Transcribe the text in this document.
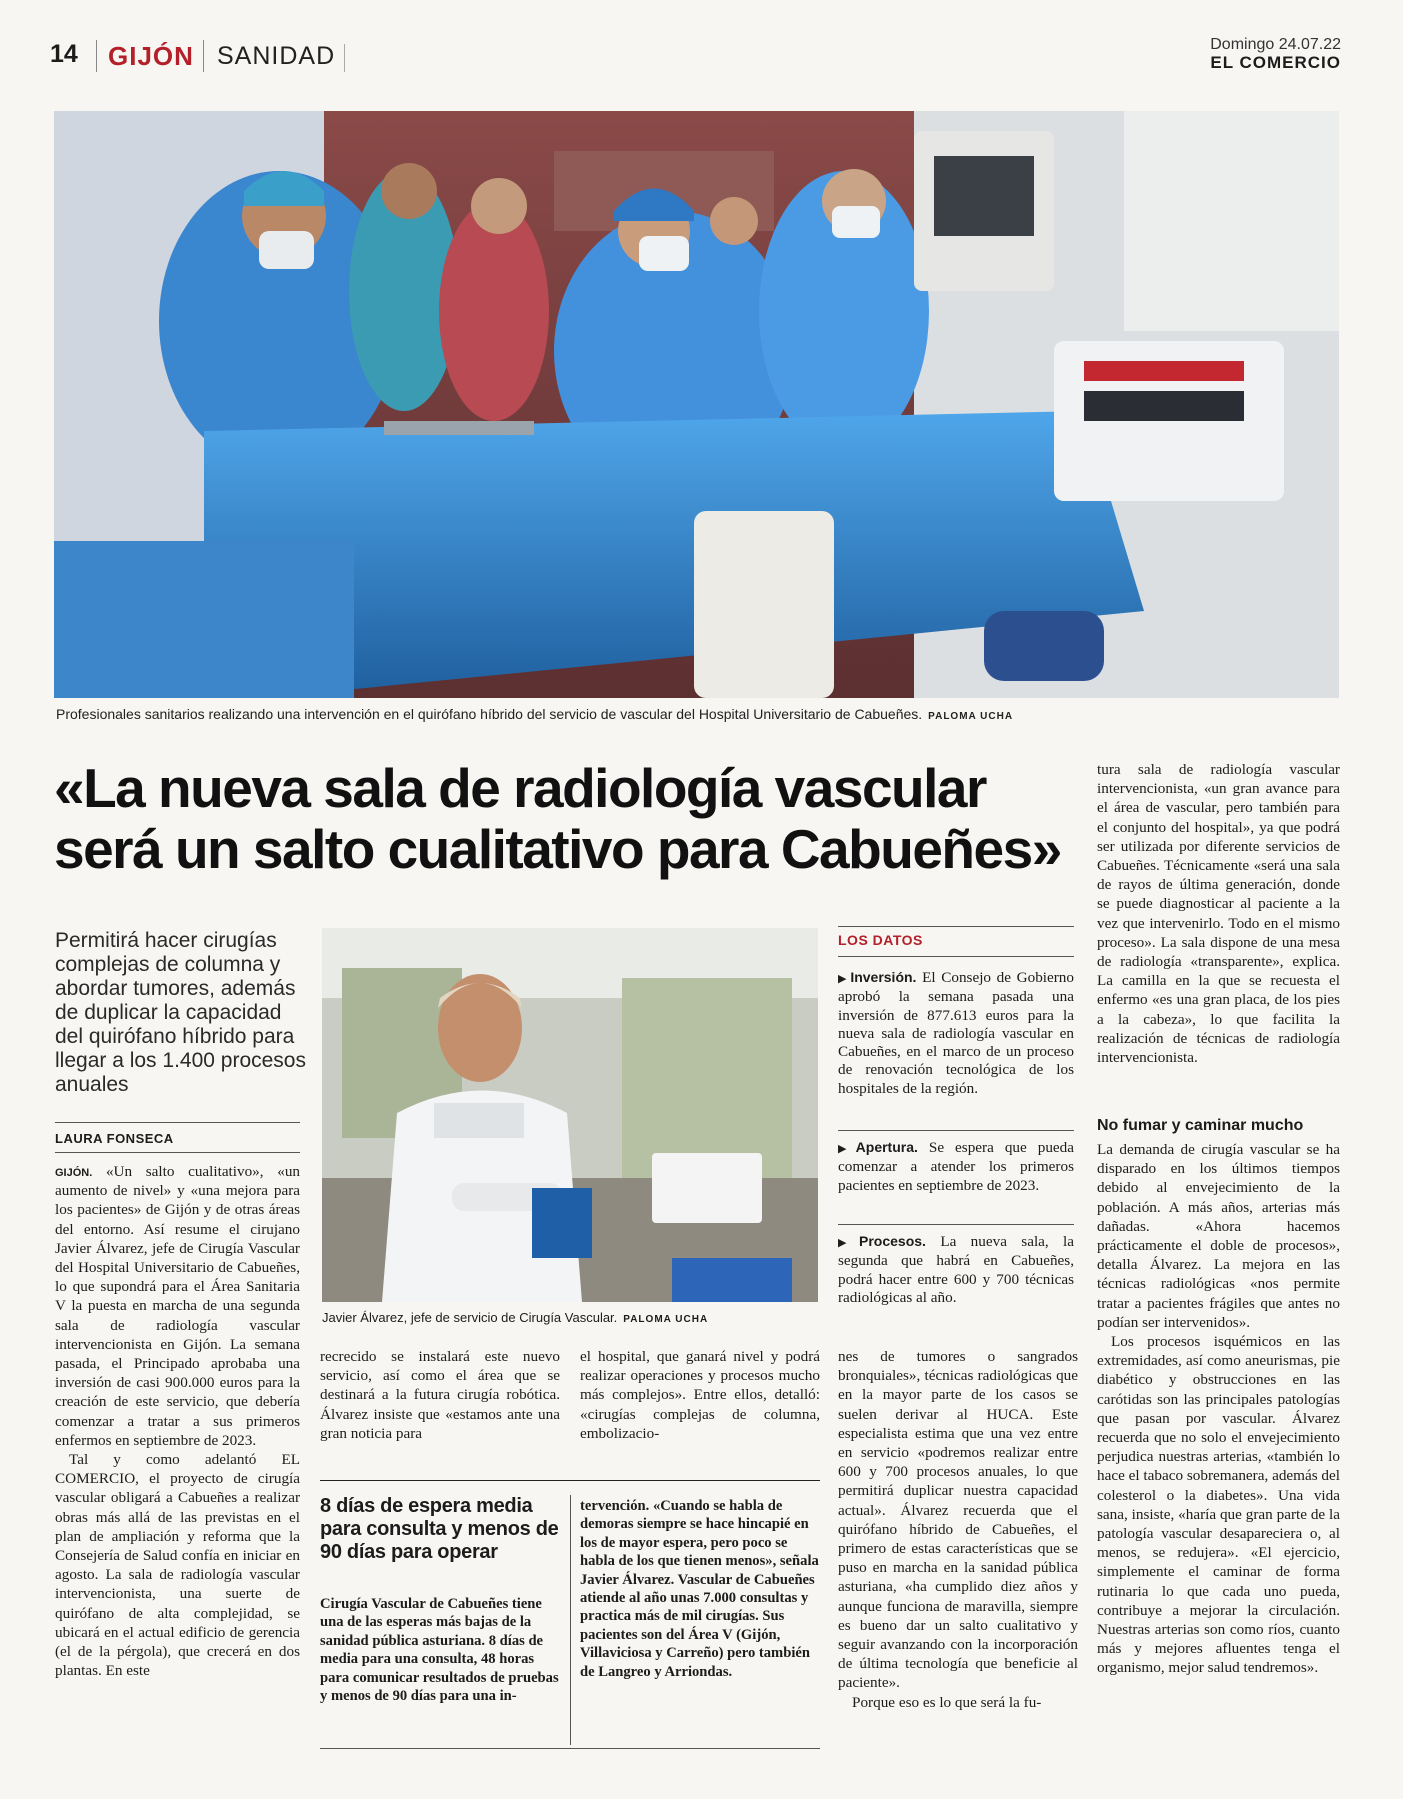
14 GIJÓN SANIDAD	Domingo 24.07.22
EL COMERCIO
Profesionales sanitarios realizando una intervención en el quirófano híbrido del servicio de vascular del Hospital Universitario de Cabueñes. PALOMA UCHA
«La nueva sala de radiología vascular será un salto cualitativo para Cabueñes»
Permitirá hacer cirugías complejas de columna y abordar tumores, además de duplicar la capacidad del quirófano híbrido para llegar a los 1.400 procesos anuales
LAURA FONSECA

GIJÓN. «Un salto cualitativo», «un aumento de nivel» y «una mejora para los pacientes» de Gijón y de otras áreas del entorno. Así resume el cirujano Javier Álvarez, jefe de Cirugía Vascular del Hospital Universitario de Cabueñes, lo que supondrá para el Área Sanitaria V la puesta en marcha de una segunda sala de radiología vascular intervencionista en Gijón. La semana pasada, el Principado aprobaba una inversión de casi 900.000 euros para la creación de este servicio, que debería comenzar a tratar a sus primeros enfermos en septiembre de 2023.

Tal y como adelantó EL COMERCIO, el proyecto de cirugía vascular obligará a Cabueñes a realizar obras más allá de las previstas en el plan de ampliación y reforma que la Consejería de Salud confía en iniciar en agosto. La sala de radiología vascular intervencionista, una suerte de quirófano de alta complejidad, se ubicará en el actual edificio de gerencia (el de la pérgola), que crecerá en dos plantas. En este

Javier Álvarez, jefe de servicio de Cirugía Vascular. PALOMA UCHA
LOS DATOS
▶ Inversión. El Consejo de Gobierno aprobó la semana pasada una inversión de 877.613 euros para la nueva sala de radiología vascular en Cabueñes, en el marco de un proceso de renovación tecnológica de los hospitales de la región.
▶ Apertura. Se espera que pueda comenzar a atender los primeros pacientes en septiembre de 2023.
▶ Procesos. La nueva sala, la segunda que habrá en Cabueñes, podrá hacer entre 600 y 700 técnicas radiológicas al año.

recrecido se instalará este nuevo servicio, así como el área que se destinará a la futura cirugía robótica. Álvarez insiste que «estamos ante una gran noticia para

el hospital, que ganará nivel y podrá realizar operaciones y procesos mucho más complejos». Entre ellos, detalló: «cirugías complejas de columna, embolizacio-

8 días de espera media para consulta y menos de 90 días para operar

Cirugía Vascular de Cabueñes tiene una de las esperas más bajas de la sanidad pública asturiana. 8 días de media para una consulta, 48 horas para comunicar resultados de pruebas y menos de 90 días para una in-

tervención. «Cuando se habla de demoras siempre se hace hincapié en los de mayor espera, pero poco se habla de los que tienen menos», señala Javier Álvarez. Vascular de Cabueñes atiende al año unas 7.000 consultas y practica más de mil cirugías. Sus pacientes son del Área V (Gijón, Villaviciosa y Carreño) pero también de Langreo y Arriondas.

nes de tumores o sangrados bronquiales», técnicas radiológicas que en la mayor parte de los casos se suelen derivar al HUCA. Este especialista estima que una vez entre en servicio «podremos realizar entre 600 y 700 procesos anuales, lo que permitirá duplicar nuestra capacidad actual». Álvarez recuerda que el quirófano híbrido de Cabueñes, el primero de estas características que se puso en marcha en la sanidad pública asturiana, «ha cumplido diez años y aunque funciona de maravilla, siempre es bueno dar un salto cualitativo y seguir avanzando con la incorporación de última tecnología que beneficie al paciente».

Porque eso es lo que será la fu-

tura sala de radiología vascular intervencionista, «un gran avance para el área de vascular, pero también para el conjunto del hospital», ya que podrá ser utilizada por diferente servicios de Cabueñes. Técnicamente «será una sala de rayos de última generación, donde se puede diagnosticar al paciente a la vez que intervenirlo. Todo en el mismo proceso». La sala dispone de una mesa de radiología «transparente», explica. La camilla en la que se recuesta el enfermo «es una gran placa, de los pies a la cabeza», lo que facilita la realización de técnicas de radiología intervencionista.

No fumar y caminar mucho

La demanda de cirugía vascular se ha disparado en los últimos tiempos debido al envejecimiento de la población. A más años, arterias más dañadas. «Ahora hacemos prácticamente el doble de procesos», detalla Álvarez. La mejora en las técnicas radiológicas «nos permite tratar a pacientes frágiles que antes no podían ser intervenidos».

Los procesos isquémicos en las extremidades, así como aneurismas, pie diabético y obstrucciones en las carótidas son las principales patologías que pasan por vascular. Álvarez recuerda que no solo el envejecimiento perjudica nuestras arterias, «también lo hace el tabaco sobremanera, además del colesterol o la diabetes». Una vida sana, insiste, «haría que gran parte de la patología vascular desapareciera o, al menos, se redujera». «El ejercicio, simplemente el caminar de forma rutinaria lo que cada uno pueda, contribuye a mejorar la circulación. Nuestras arterias son como ríos, cuanto más y mejores afluentes tenga el organismo, mejor salud tendremos».
